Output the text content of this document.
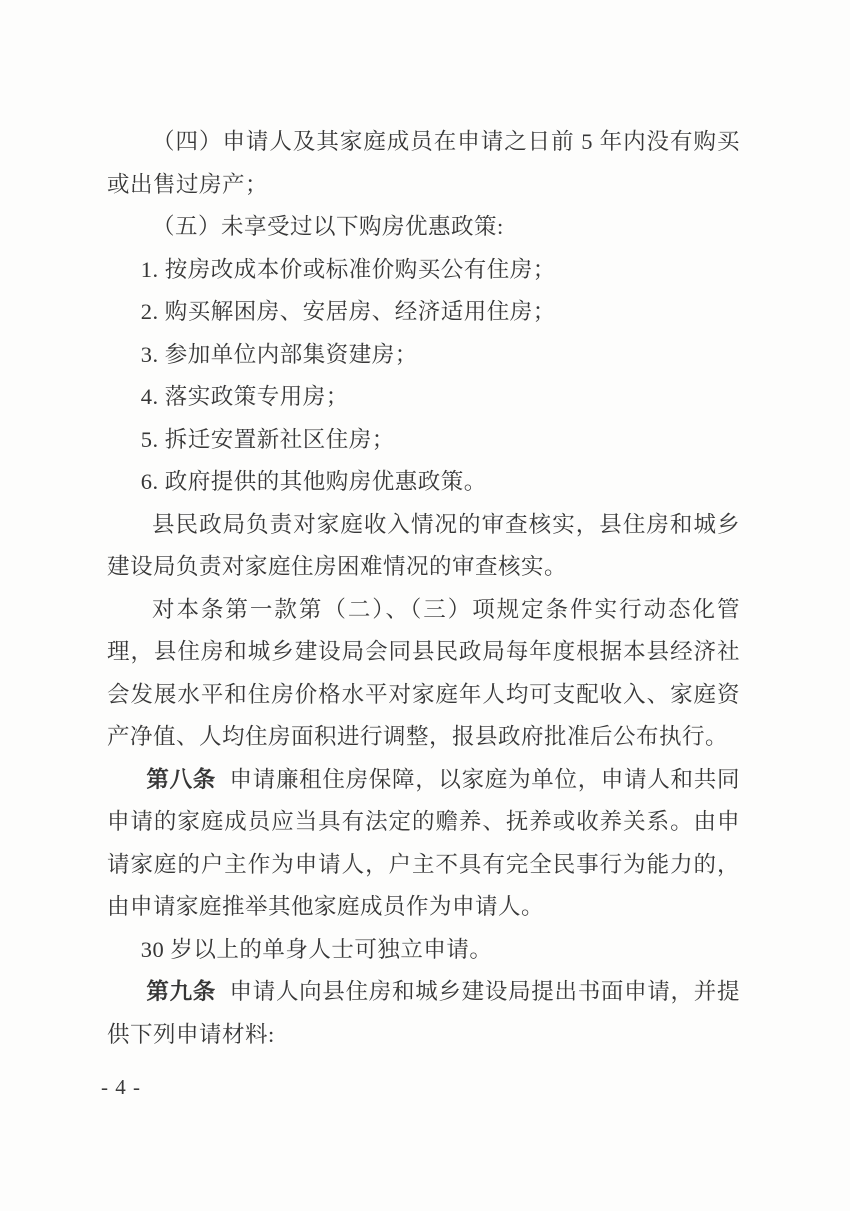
（四）申请人及其家庭成员在申请之日前 5 年内没有购买或出售过房产；

（五）未享受过以下购房优惠政策:

1. 按房改成本价或标准价购买公有住房；

2. 购买解困房、安居房、经济适用住房；

3. 参加单位内部集资建房；

4. 落实政策专用房；

5. 拆迁安置新社区住房；

6. 政府提供的其他购房优惠政策。

县民政局负责对家庭收入情况的审查核实，县住房和城乡建设局负责对家庭住房困难情况的审查核实。

对本条第一款第（二）、（三）项规定条件实行动态化管理，县住房和城乡建设局会同县民政局每年度根据本县经济社会发展水平和住房价格水平对家庭年人均可支配收入、家庭资产净值、人均住房面积进行调整，报县政府批准后公布执行。

第八条 申请廉租住房保障，以家庭为单位，申请人和共同申请的家庭成员应当具有法定的赡养、抚养或收养关系。由申请家庭的户主作为申请人，户主不具有完全民事行为能力的，由申请家庭推举其他家庭成员作为申请人。

30 岁以上的单身人士可独立申请。

第九条 申请人向县住房和城乡建设局提出书面申请，并提供下列申请材料:

- 4 -
